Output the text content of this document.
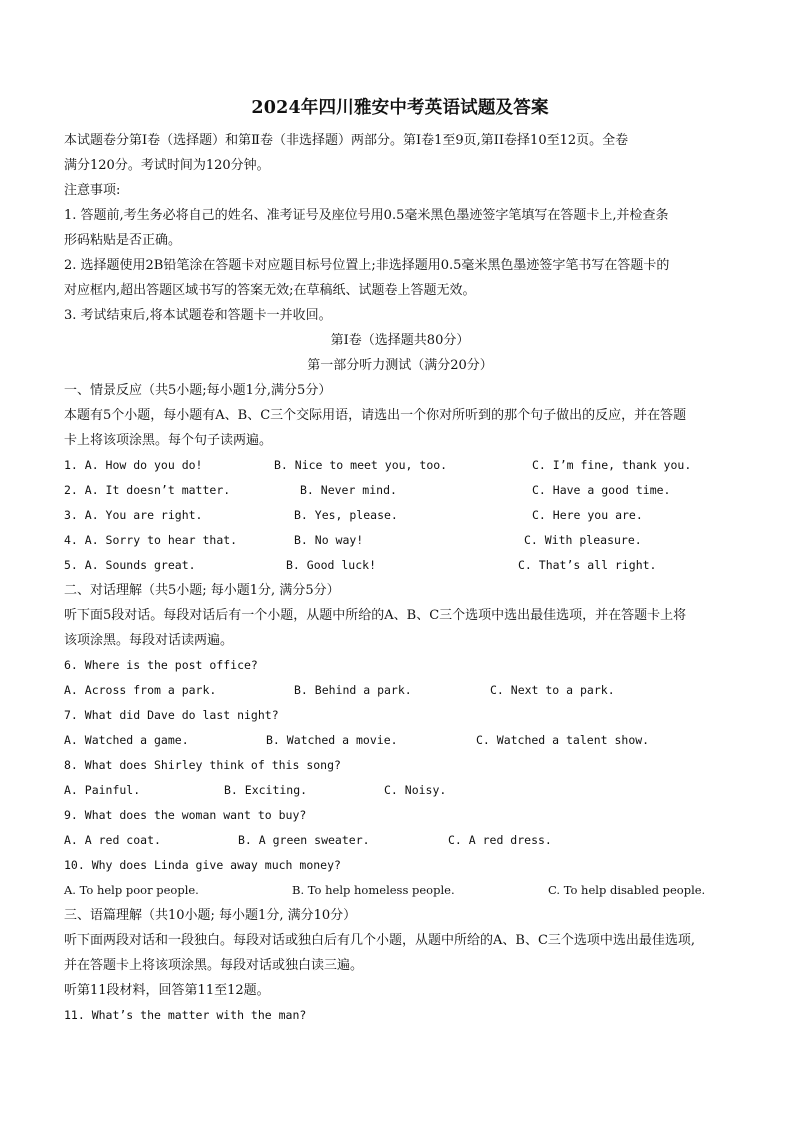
2024年四川雅安中考英语试题及答案
本试题卷分第Ⅰ卷（选择题）和第Ⅱ卷（非选择题）两部分。第Ⅰ卷1至9页,第II卷择10至12页。全卷
满分120分。考试时间为120分钟。
注意事项:
1. 答题前,考生务必将自己的姓名、准考证号及座位号用0.5毫米黑色墨迹签字笔填写在答题卡上,并检查条
形码粘贴是否正确。
2. 选择题使用2B铅笔涂在答题卡对应题目标号位置上;非选择题用0.5毫米黑色墨迹签字笔书写在答题卡的
对应框内,超出答题区域书写的答案无效;在草稿纸、试题卷上答题无效。
3. 考试结束后,将本试题卷和答题卡一并收回。
第Ⅰ卷（选择题共80分）
第一部分听力测试（满分20分）
一、情景反应（共5小题;每小题1分,满分5分）
本题有5个小题，每小题有A、B、C三个交际用语，请选出一个你对所听到的那个句子做出的反应，并在答题
卡上将该项涂黑。每个句子读两遍。
1. A. How do you do!	B. Nice to meet you, too.	C. I’m fine, thank you.
2. A. It doesn’t matter.	B. Never mind.	C. Have a good time.
3. A. You are right.	B. Yes, please.	C. Here you are.
4. A. Sorry to hear that.	B. No way!	C. With pleasure.
5. A. Sounds great.	B. Good luck!	C. That’s all right.
二、对话理解（共5小题; 每小题1分, 满分5分）
听下面5段对话。每段对话后有一个小题，从题中所给的A、B、C三个选项中选出最佳选项，并在答题卡上将
该项涂黑。每段对话读两遍。
6. Where is the post office?
A. Across from a park.	B. Behind a park.	C. Next to a park.
7. What did Dave do last night?
A. Watched a game.	B. Watched a movie.	C. Watched a talent show.
8. What does Shirley think of this song?
A. Painful.	B. Exciting.	C. Noisy.
9. What does the woman want to buy?
A. A red coat.	B. A green sweater.	C. A red dress.
10. Why does Linda give away much money?
A. To help poor people.	B. To help homeless people.	C. To help disabled people.
三、语篇理解（共10小题; 每小题1分, 满分10分）
听下面两段对话和一段独白。每段对话或独白后有几个小题，从题中所给的A、B、C三个选项中选出最佳选项,
并在答题卡上将该项涂黑。每段对话或独白读三遍。
听第11段材料，回答第11至12题。
11. What’s the matter with the man?
